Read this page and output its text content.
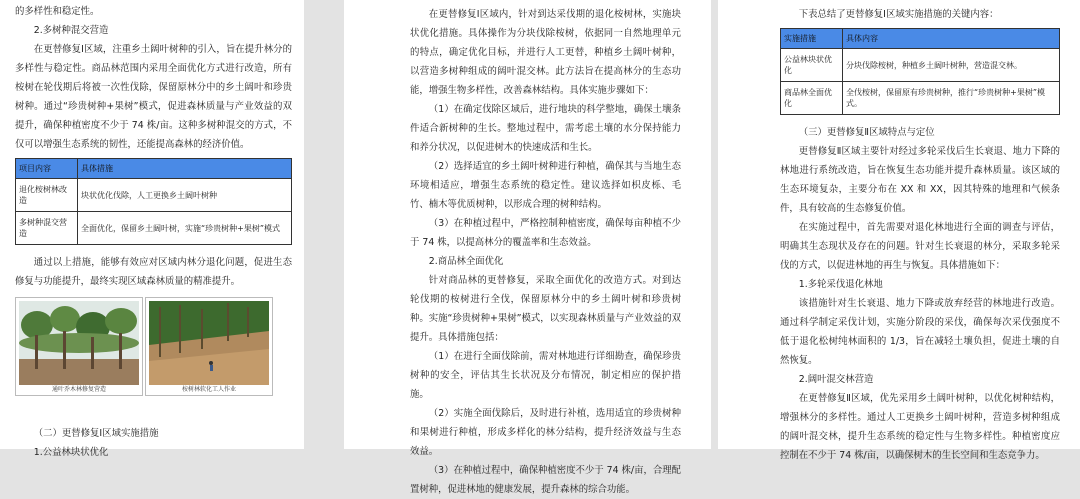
的多样性和稳定性。

2.多树种混交营造

在更替修复Ⅰ区域，注重乡土阔叶树种的引入，旨在提升林分的多样性与稳定性。商品林范围内采用全面优化方式进行改造，所有桉树在轮伐期后将被一次性伐除，保留原林分中的乡土阔叶和珍贵树种。通过“珍贵树种+果树”模式，促进森林质量与产业效益的双提升，确保种植密度不少于 74 株/亩。这种多树种混交的方式，不仅可以增强生态系统的韧性，还能提高森林的经济价值。

项目内容	具体措施
退化桉树林改造	块状优化伐除，人工更换乡土阔叶树种
多树种混交营造	全面优化，保留乡土阔叶树，实施“珍贵树种+果树”模式

通过以上措施，能够有效应对区域内林分退化问题，促进生态修复与功能提升，最终实现区域森林质量的精准提升。

通叶乔木林修复营造	桉树林软化工人作业

（二）更替修复Ⅰ区域实施措施

1.公益林块状优化

在更替修复Ⅰ区域内，针对到达采伐期的退化桉树林，实施块状优化措施。具体操作为分块伐除桉树，依据同一自然地理单元的特点，确定优化目标，并进行人工更替，种植乡土阔叶树种，以营造多树种组成的阔叶混交林。此方法旨在提高林分的生态功能，增强生物多样性，改善森林结构。具体实施步骤如下：

（1）在确定伐除区域后，进行地块的科学整地，确保土壤条件适合新树种的生长。整地过程中，需考虑土壤的水分保持能力和养分状况，以促进树木的快速成活和生长。

（2）选择适宜的乡土阔叶树种进行种植，确保其与当地生态环境相适应，增强生态系统的稳定性。建议选择如枳皮栎、毛竹、楠木等优质树种，以形成合理的树种结构。

（3）在种植过程中，严格控制种植密度，确保每亩种植不少于 74 株，以提高林分的覆盖率和生态效益。

2.商品林全面优化

针对商品林的更替修复，采取全面优化的改造方式。对到达轮伐期的桉树进行全伐，保留原林分中的乡土阔叶树和珍贵树种。实施“珍贵树种+果树”模式，以实现森林质量与产业效益的双提升。具体措施包括：

（1）在进行全面伐除前，需对林地进行详细勘查，确保珍贵树种的安全，评估其生长状况及分布情况，制定相应的保护措施。

（2）实施全面伐除后，及时进行补植，选用适宜的珍贵树种和果树进行种植，形成多样化的林分结构，提升经济效益与生态效益。

（3）在种植过程中，确保种植密度不少于 74 株/亩，合理配置树种，促进林地的健康发展，提升森林的综合功能。

下表总结了更替修复Ⅰ区域实施措施的关键内容：

实施措施	具体内容
公益林块状优化	分块伐除桉树，种植乡土阔叶树种，营造混交林。
商品林全面优化	全伐桉树，保留原有珍贵树种，推行“珍贵树种+果树”模式。

（三）更替修复Ⅱ区域特点与定位

更替修复Ⅱ区域主要针对经过多轮采伐后生长衰退、地力下降的林地进行系统改造，旨在恢复生态功能并提升森林质量。该区域的生态环境复杂，主要分布在 XX 和 XX，因其特殊的地理和气候条件，具有较高的生态修复价值。

在实施过程中，首先需要对退化林地进行全面的调查与评估，明确其生态现状及存在的问题。针对生长衰退的林分，采取多轮采伐的方式，以促进林地的再生与恢复。具体措施如下：

1.多轮采伐退化林地

该措施针对生长衰退、地力下降或放弃经营的林地进行改造。通过科学制定采伐计划，实施分阶段的采伐，确保每次采伐强度不低于退化松树纯林面积的 1/3，旨在减轻土壤负担，促进土壤的自然恢复。

2.阔叶混交林营造

在更替修复Ⅱ区域，优先采用乡土阔叶树种，以优化树种结构，增强林分的多样性。通过人工更换乡土阔叶树种，营造多树种组成的阔叶混交林，提升生态系统的稳定性与生物多样性。种植密度应控制在不少于 74 株/亩，以确保树木的生长空间和生态竞争力。
